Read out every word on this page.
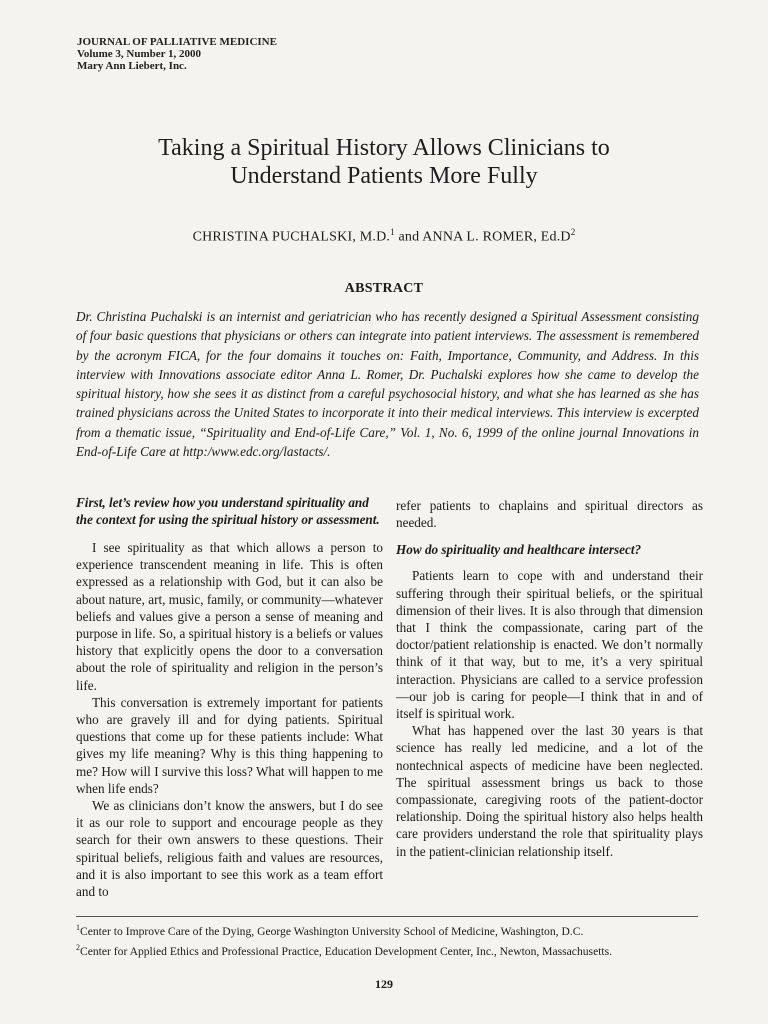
JOURNAL OF PALLIATIVE MEDICINE
Volume 3, Number 1, 2000
Mary Ann Liebert, Inc.
Taking a Spiritual History Allows Clinicians to
Understand Patients More Fully
CHRISTINA PUCHALSKI, M.D.$^1$ and ANNA L. ROMER, $Ed.D^2$
ABSTRACT
Dr. Christina Puchalski is an internist and geriatrician who has recently designed a Spiritual Assessment consisting of four basic questions that physicians or others can integrate into patient interviews. The assessment is remembered by the acronym FICA, for the four domains it touches on: Faith, Importance, Community, and Address. In this interview with Innovations associate editor Anna L. Romer, Dr. Puchalski explores how she came to develop the spiritual history, how she sees it as distinct from a careful psychosocial history, and what she has learned as she has trained physicians across the United States to incorporate it into their medical interviews. This interview is excerpted from a thematic issue, “Spirituality and End-of-Life Care,” Vol. 1, No. 6, 1999 of the online journal Innovations in End-of-Life Care at http:/www.edc.org/lastacts/.
First, let’s review how you understand spirituality and the context for using the spiritual history or assessment.

I see spirituality as that which allows a person to experience transcendent meaning in life. This is often expressed as a relationship with God, but it can also be about nature, art, music, family, or community—whatever beliefs and values give a person a sense of meaning and purpose in life. So, a spiritual history is a beliefs or values history that explicitly opens the door to a conversation about the role of spirituality and religion in the person’s life.

This conversation is extremely important for patients who are gravely ill and for dying patients. Spiritual questions that come up for these patients include: What gives my life meaning? Why is this thing happening to me? How will I survive this loss? What will happen to me when life ends?

We as clinicians don’t know the answers, but I do see it as our role to support and encourage people as they search for their own answers to these questions. Their spiritual beliefs, religious faith and values are resources, and it is also important to see this work as a team effort and to

refer patients to chaplains and spiritual directors as needed.

How do spirituality and healthcare intersect?

Patients learn to cope with and understand their suffering through their spiritual beliefs, or the spiritual dimension of their lives. It is also through that dimension that I think the compassionate, caring part of the doctor/patient relationship is enacted. We don’t normally think of it that way, but to me, it’s a very spiritual interaction. Physicians are called to a service profession—our job is caring for people—I think that in and of itself is spiritual work.

What has happened over the last 30 years is that science has really led medicine, and a lot of the nontechnical aspects of medicine have been neglected. The spiritual assessment brings us back to those compassionate, caregiving roots of the patient-doctor relationship. Doing the spiritual history also helps health care providers understand the role that spirituality plays in the patient-clinician relationship itself.

$^1$Center to Improve Care of the Dying, George Washington University School of Medicine, Washington, D.C.
$^2$Center for Applied Ethics and Professional Practice, Education Development Center, Inc., Newton, Massachusetts.
129
